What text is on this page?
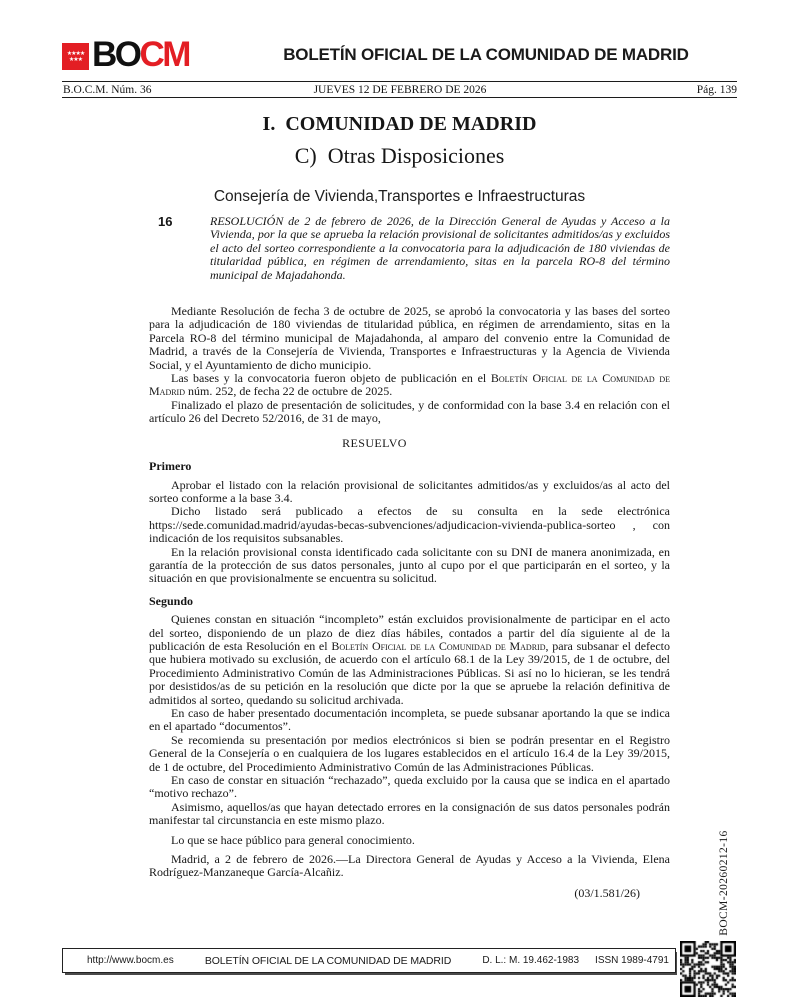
★★★★
★★★ BOCM	BOLETÍN OFICIAL DE LA COMUNIDAD DE MADRID
B.O.C.M. Núm. 36	JUEVES 12 DE FEBRERO DE 2026	Pág. 139
I.  COMUNIDAD DE MADRID
C)  Otras Disposiciones
Consejería de Vivienda,Transportes e Infraestructuras
16	RESOLUCIÓN de 2 de febrero de 2026, de la Dirección General de Ayudas y Acceso a la Vivienda, por la que se aprueba la relación provisional de solicitantes admitidos/as y excluidos el acto del sorteo correspondiente a la convocatoria para la adjudicación de 180 viviendas de titularidad pública, en régimen de arrendamiento, sitas en la parcela RO-8 del término municipal de Majadahonda.

Mediante Resolución de fecha 3 de octubre de 2025, se aprobó la convocatoria y las bases del sorteo para la adjudicación de 180 viviendas de titularidad pública, en régimen de arrendamiento, sitas en la Parcela RO-8 del término municipal de Majadahonda, al amparo del convenio entre la Comunidad de Madrid, a través de la Consejería de Vivienda, Transportes e Infraestructuras y la Agencia de Vivienda Social, y el Ayuntamiento de dicho municipio.

Las bases y la convocatoria fueron objeto de publicación en el Boletín Oficial de la Comunidad de Madrid núm. 252, de fecha 22 de octubre de 2025.

Finalizado el plazo de presentación de solicitudes, y de conformidad con la base 3.4 en relación con el artículo 26 del Decreto 52/2016, de 31 de mayo,

RESUELVO

Primero

Aprobar el listado con la relación provisional de solicitantes admitidos/as y excluidos/as al acto del sorteo conforme a la base 3.4.

Dicho listado será publicado a efectos de su consulta en la sede electrónica https://sede.comunidad.madrid/ayudas-becas-subvenciones/adjudicacion-vivienda-publica-sorteo , con indicación de los requisitos subsanables.

En la relación provisional consta identificado cada solicitante con su DNI de manera anonimizada, en garantía de la protección de sus datos personales, junto al cupo por el que participarán en el sorteo, y la situación en que provisionalmente se encuentra su solicitud.

Segundo

Quienes constan en situación “incompleto” están excluidos provisionalmente de participar en el acto del sorteo, disponiendo de un plazo de diez días hábiles, contados a partir del día siguiente al de la publicación de esta Resolución en el Boletín Oficial de la Comunidad de Madrid, para subsanar el defecto que hubiera motivado su exclusión, de acuerdo con el artículo 68.1 de la Ley 39/2015, de 1 de octubre, del Procedimiento Administrativo Común de las Administraciones Públicas. Si así no lo hicieran, se les tendrá por desistidos/as de su petición en la resolución que dicte por la que se apruebe la relación definitiva de admitidos al sorteo, quedando su solicitud archivada.

En caso de haber presentado documentación incompleta, se puede subsanar aportando la que se indica en el apartado “documentos”.

Se recomienda su presentación por medios electrónicos si bien se podrán presentar en el Registro General de la Consejería o en cualquiera de los lugares establecidos en el artículo 16.4 de la Ley 39/2015, de 1 de octubre, del Procedimiento Administrativo Común de las Administraciones Públicas.

En caso de constar en situación “rechazado”, queda excluido por la causa que se indica en el apartado “motivo rechazo”.

Asimismo, aquellos/as que hayan detectado errores en la consignación de sus datos personales podrán manifestar tal circunstancia en este mismo plazo.

Lo que se hace público para general conocimiento.

Madrid, a 2 de febrero de 2026.—La Directora General de Ayudas y Acceso a la Vivienda, Elena Rodríguez-Manzaneque García-Alcañiz.

(03/1.581/26)	BOCM-20260212-16
http://www.bocm.es	BOLETÍN OFICIAL DE LA COMUNIDAD DE MADRID	D. L.: M. 19.462-1983 ISSN 1989-4791
